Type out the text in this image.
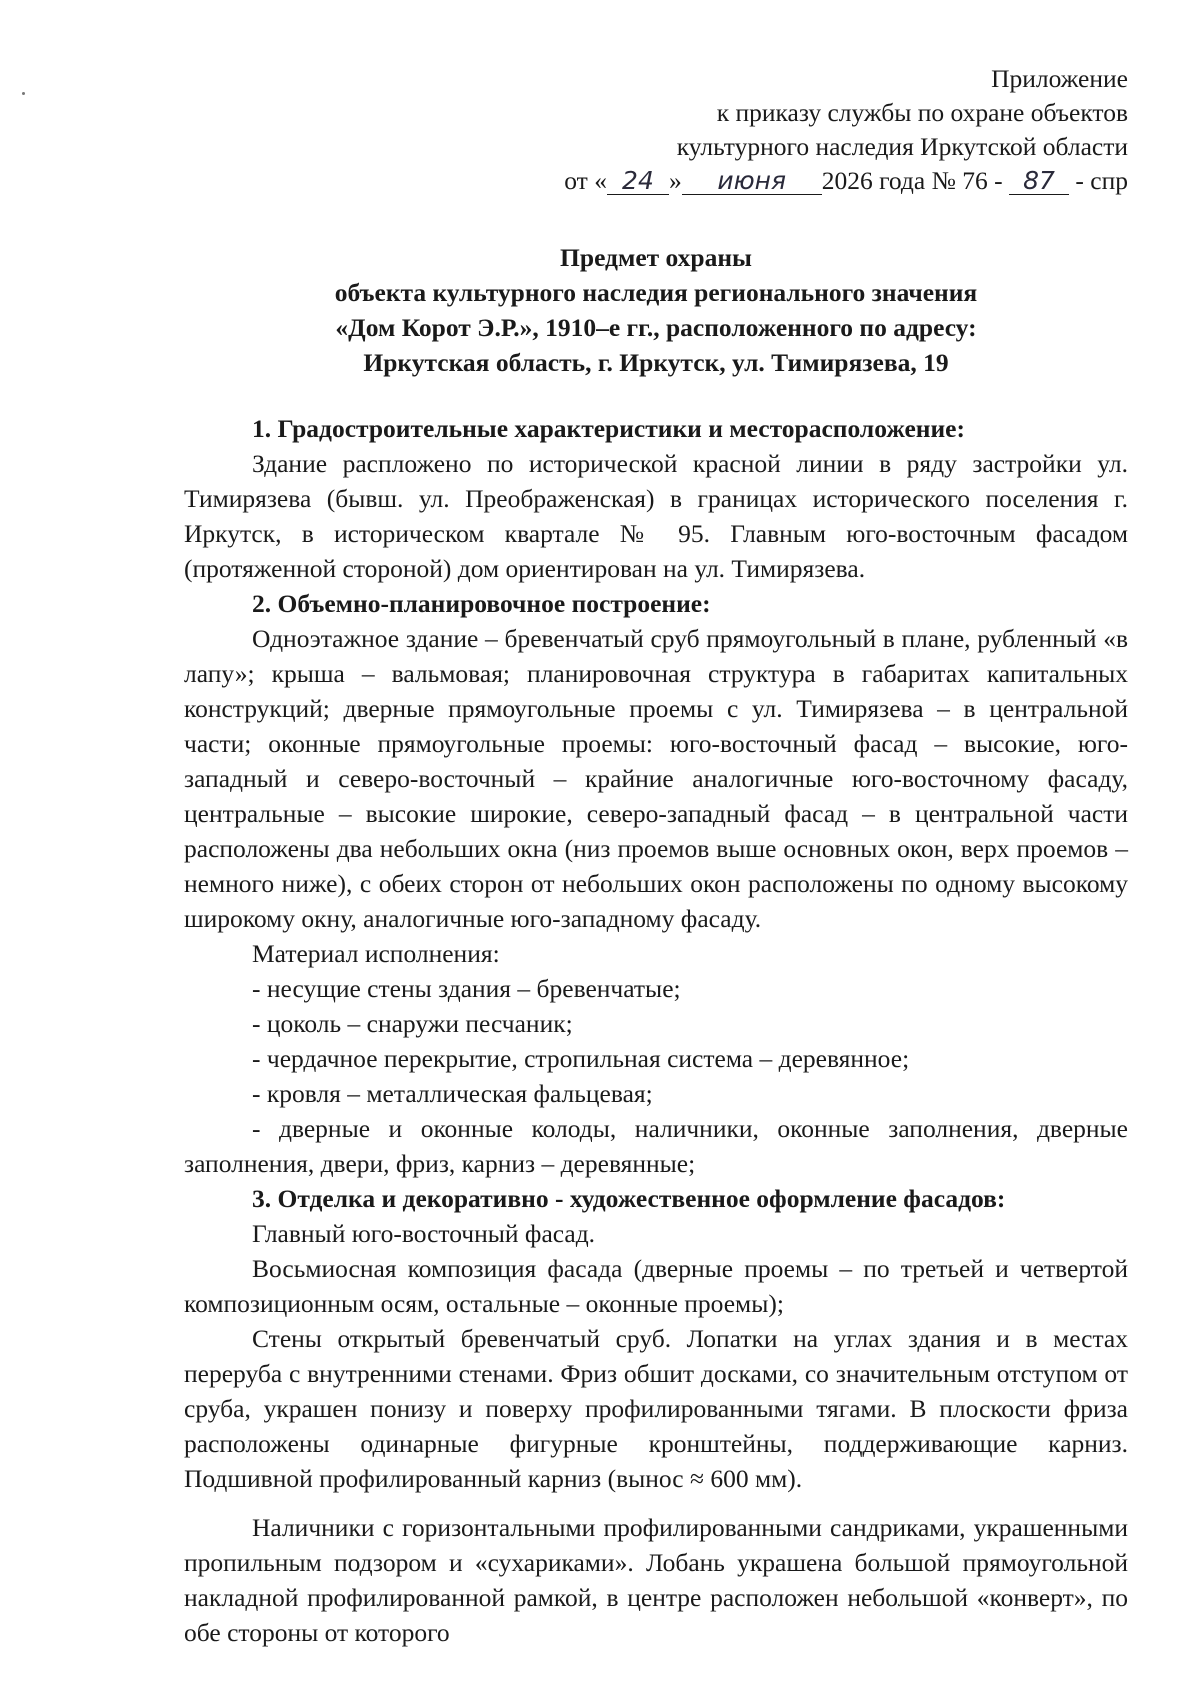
Приложение
к приказу службы по охране объектов
культурного наследия Иркутской области
от « 24 » июня 2026 года № 76 - 87 - спр
Предмет охраны
объекта культурного наследия регионального значения
«Дом Корот Э.Р.», 1910–е гг., расположенного по адресу:
Иркутская область, г. Иркутск, ул. Тимирязева, 19

1. Градостроительные характеристики и месторасположение:

Здание распложено по исторической красной линии в ряду застройки ул. Тимирязева (бывш. ул. Преображенская) в границах исторического поселения г. Иркутск, в историческом квартале № 95. Главным юго-восточным фасадом (протяженной стороной) дом ориентирован на ул. Тимирязева.

2. Объемно-планировочное построение:

Одноэтажное здание – бревенчатый сруб прямоугольный в плане, рубленный «в лапу»; крыша – вальмовая; планировочная структура в габаритах капитальных конструкций; дверные прямоугольные проемы с ул. Тимирязева – в центральной части; оконные прямоугольные проемы: юго-восточный фасад – высокие, юго-западный и северо-восточный – крайние аналогичные юго-восточному фасаду, центральные – высокие широкие, северо-западный фасад – в центральной части расположены два небольших окна (низ проемов выше основных окон, верх проемов – немного ниже), с обеих сторон от небольших окон расположены по одному высокому широкому окну, аналогичные юго-западному фасаду.

Материал исполнения:

- несущие стены здания – бревенчатые;

- цоколь – снаружи песчаник;

- чердачное перекрытие, стропильная система – деревянное;

- кровля – металлическая фальцевая;

- дверные и оконные колоды, наличники, оконные заполнения, дверные заполнения, двери, фриз, карниз – деревянные;

3. Отделка и декоративно - художественное оформление фасадов:

Главный юго-восточный фасад.

Восьмиосная композиция фасада (дверные проемы – по третьей и четвертой композиционным осям, остальные – оконные проемы);

Стены открытый бревенчатый сруб. Лопатки на углах здания и в местах переруба с внутренними стенами. Фриз обшит досками, со значительным отступом от сруба, украшен понизу и поверху профилированными тягами. В плоскости фриза расположены одинарные фигурные кронштейны, поддерживающие карниз. Подшивной профилированный карниз (вынос ≈ 600 мм).

Наличники с горизонтальными профилированными сандриками, украшенными пропильным подзором и «сухариками». Лобань украшена большой прямоугольной накладной профилированной рамкой, в центре расположен небольшой «конверт», по обе стороны от которого
